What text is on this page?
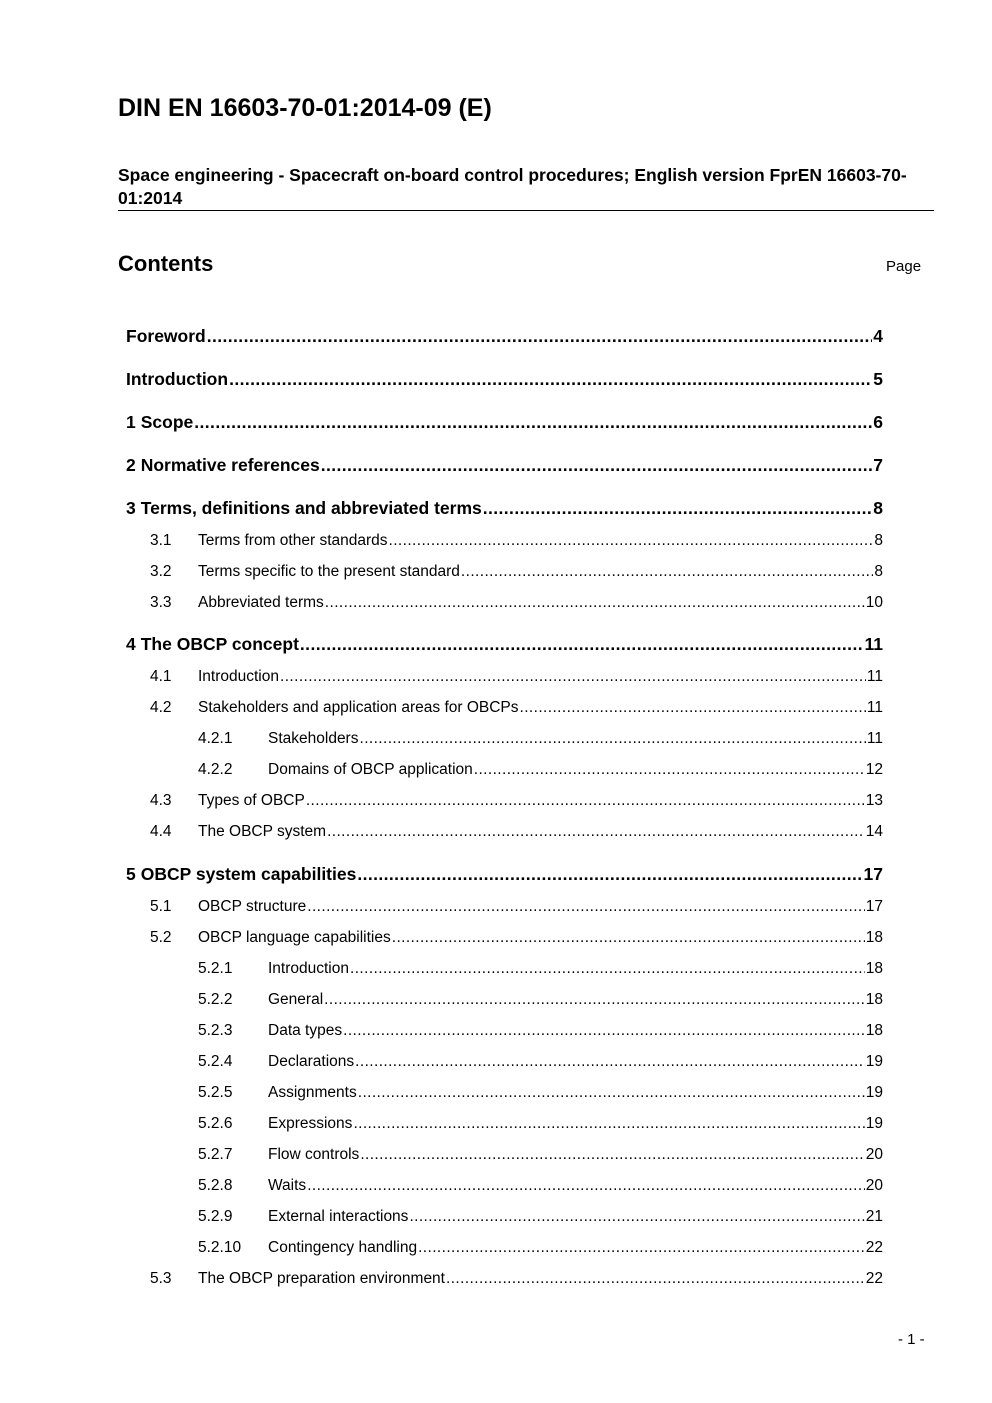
DIN EN 16603-70-01:2014-09 (E)
Space engineering - Spacecraft on-board control procedures; English version FprEN 16603-70-01:2014
Contents	Page
Foreword .....	4
Introduction .....	5
1 Scope .....	6
2 Normative references .....	7
3 Terms, definitions and abbreviated terms .....	8
3.1	Terms from other standards .....	8
3.2	Terms specific to the present standard .....	8
3.3	Abbreviated terms .....	10
4 The OBCP concept .....	11
4.1	Introduction .....	11
4.2	Stakeholders and application areas for OBCPs .....	11
4.2.1	Stakeholders .....	11
4.2.2	Domains of OBCP application .....	12
4.3	Types of OBCP .....	13
4.4	The OBCP system .....	14
5 OBCP system capabilities .....	17
5.1	OBCP structure .....	17
5.2	OBCP language capabilities .....	18
5.2.1	Introduction .....	18
5.2.2	General .....	18
5.2.3	Data types .....	18
5.2.4	Declarations .....	19
5.2.5	Assignments .....	19
5.2.6	Expressions .....	19
5.2.7	Flow controls .....	20
5.2.8	Waits .....	20
5.2.9	External interactions .....	21
5.2.10	Contingency handling .....	22
5.3	The OBCP preparation environment .....	22
- 1 -
